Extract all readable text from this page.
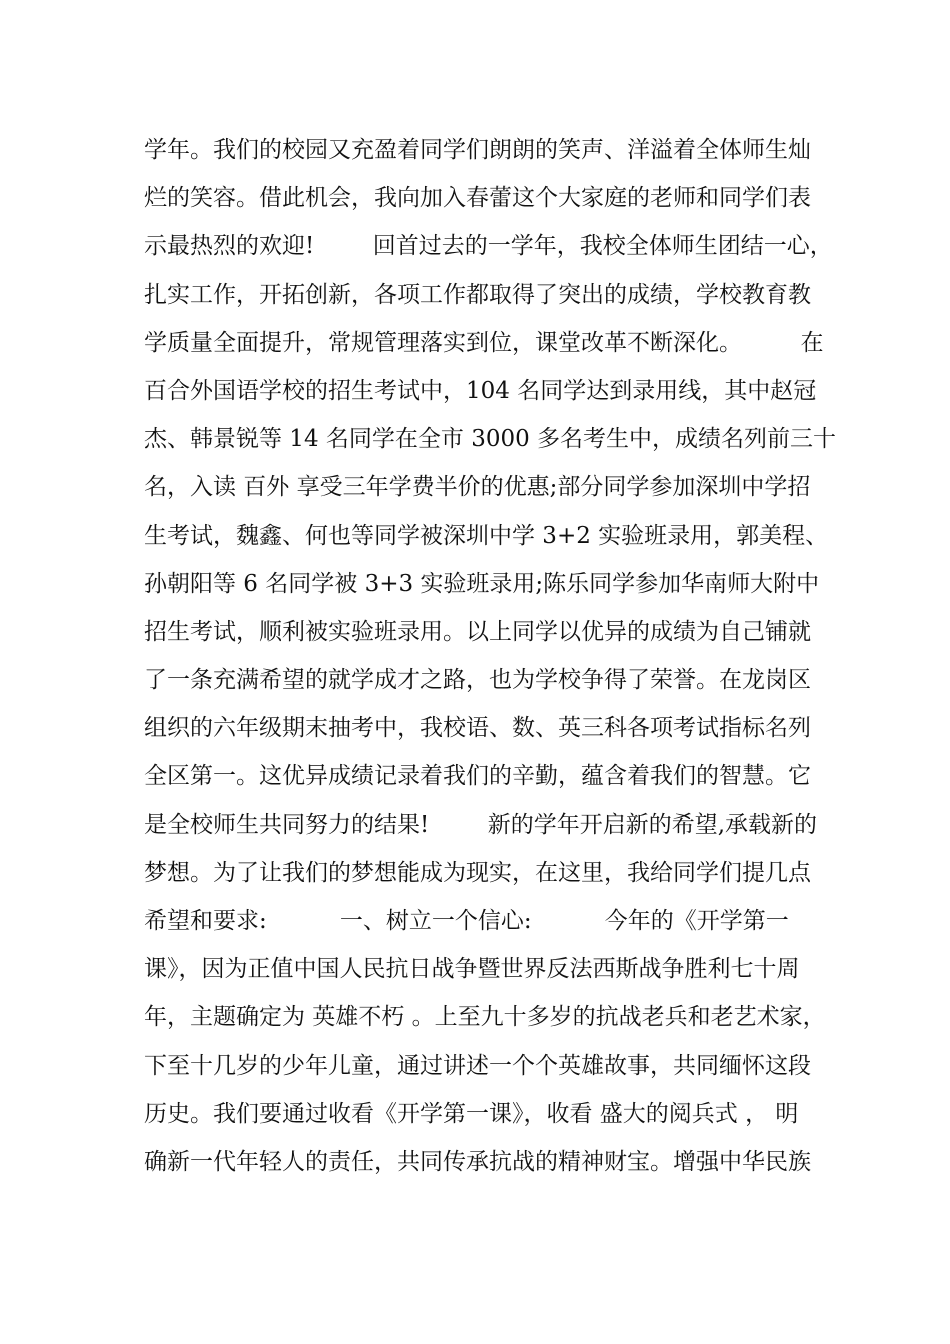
学年。我们的校园又充盈着同学们朗朗的笑声、洋溢着全体师生灿
烂的笑容。借此机会，我向加入春蕾这个大家庭的老师和同学们表
示最热烈的欢迎!        回首过去的一学年，我校全体师生团结一心，
扎实工作，开拓创新，各项工作都取得了突出的成绩，学校教育教
学质量全面提升，常规管理落实到位，课堂改革不断深化。        在
百合外国语学校的招生考试中，104 名同学达到录用线，其中赵冠
杰、韩景锐等 14 名同学在全市 3000 多名考生中，成绩名列前三十
名，入读 百外 享受三年学费半价的优惠;部分同学参加深圳中学招
生考试，魏鑫、何也等同学被深圳中学 3+2 实验班录用，郭美程、
孙朝阳等 6 名同学被 3+3 实验班录用;陈乐同学参加华南师大附中
招生考试，顺利被实验班录用。以上同学以优异的成绩为自己铺就
了一条充满希望的就学成才之路，也为学校争得了荣誉。在龙岗区
组织的六年级期末抽考中，我校语、数、英三科各项考试指标名列
全区第一。这优异成绩记录着我们的辛勤，蕴含着我们的智慧。它
是全校师生共同努力的结果!        新的学年开启新的希望,承载新的
梦想。为了让我们的梦想能成为现实，在这里，我给同学们提几点
希望和要求:          一、树立一个信心:          今年的《开学第一
课》，因为正值中国人民抗日战争暨世界反法西斯战争胜利七十周
年，主题确定为 英雄不朽 。上至九十多岁的抗战老兵和老艺术家，
下至十几岁的少年儿童，通过讲述一个个英雄故事，共同缅怀这段
历史。我们要通过收看《开学第一课》，收看 盛大的阅兵式 ， 明
确新一代年轻人的责任，共同传承抗战的精神财宝。增强中华民族
